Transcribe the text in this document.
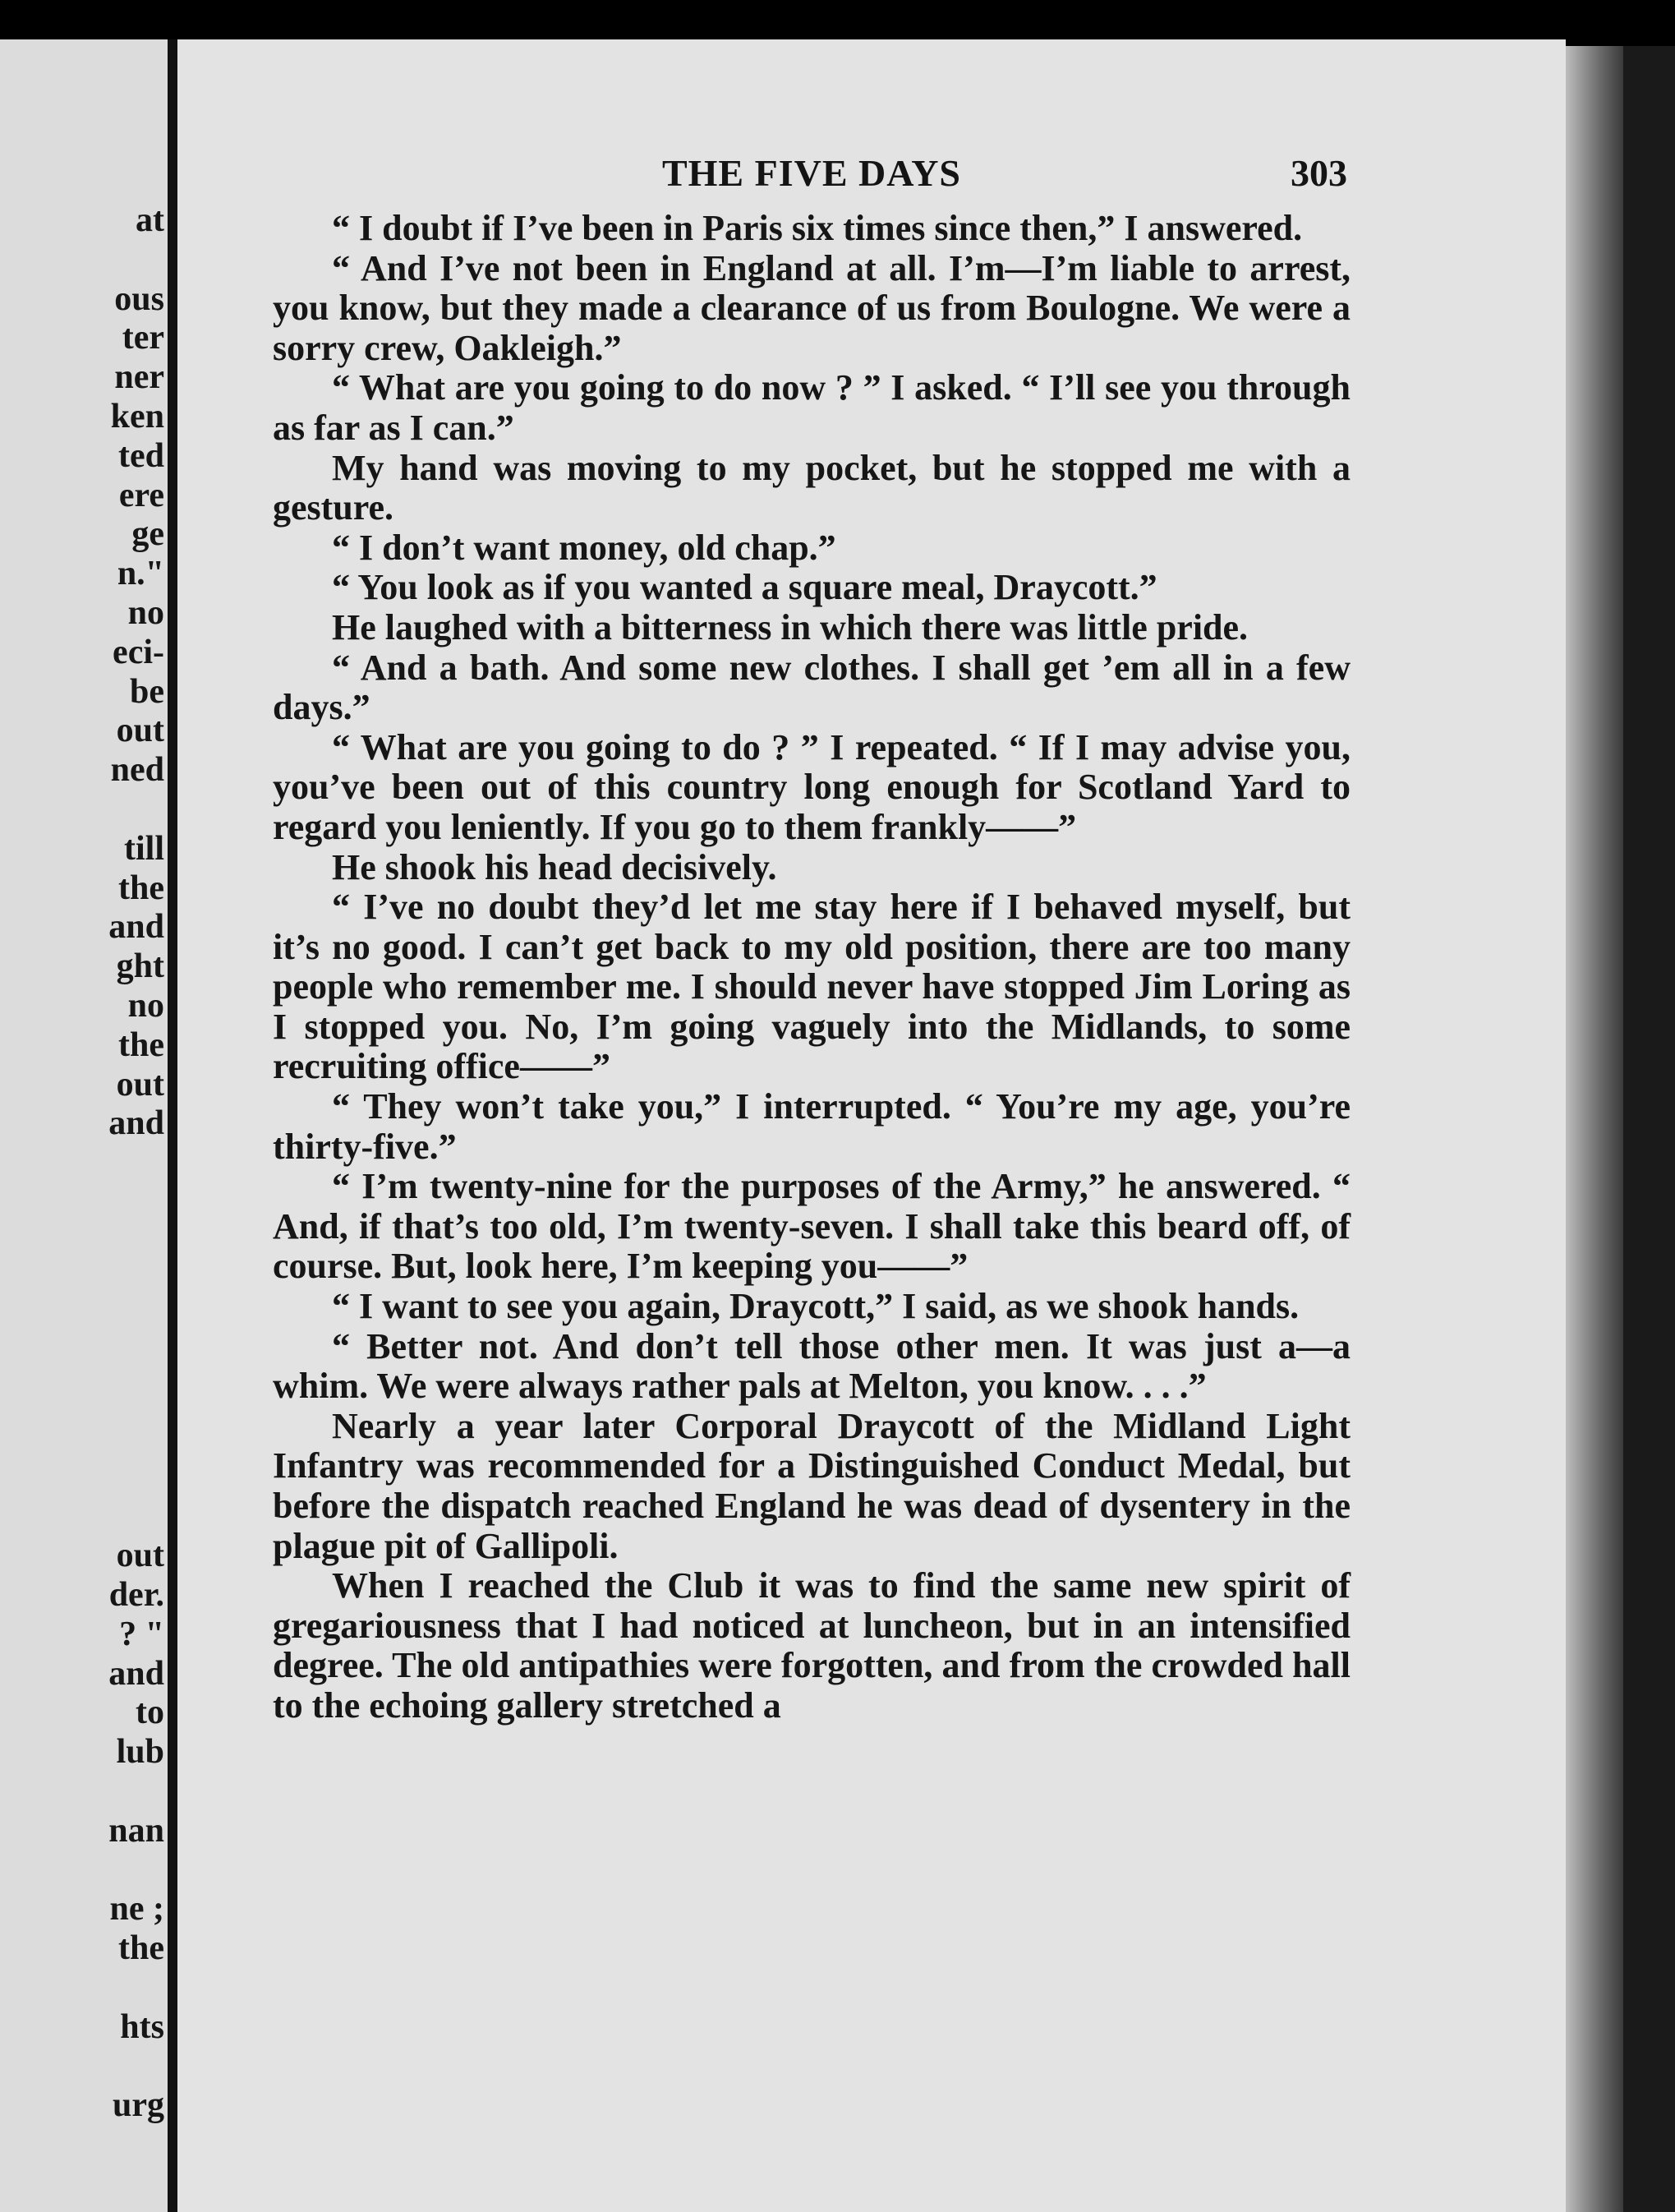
at
ous
ter
ner
ken
ted
ere
ge
n."
no
eci-
be
out
ned
till
the
and
ght
no
the
out
and
out
der.
? "
and
to
lub
nan
ne ;
the
hts
urg
THE FIVE DAYS	303

“ I doubt if I’ve been in Paris six times since then,” I answered.

“ And I’ve not been in England at all. I’m—I’m liable to arrest, you know, but they made a clearance of us from Boulogne. We were a sorry crew, Oakleigh.”

“ What are you going to do now ? ” I asked. “ I’ll see you through as far as I can.”

My hand was moving to my pocket, but he stopped me with a gesture.

“ I don’t want money, old chap.”

“ You look as if you wanted a square meal, Draycott.”

He laughed with a bitterness in which there was little pride.

“ And a bath. And some new clothes. I shall get ’em all in a few days.”

“ What are you going to do ? ” I repeated. “ If I may advise you, you’ve been out of this country long enough for Scotland Yard to regard you leniently. If you go to them frankly——”

He shook his head decisively.

“ I’ve no doubt they’d let me stay here if I behaved myself, but it’s no good. I can’t get back to my old position, there are too many people who remember me. I should never have stopped Jim Loring as I stopped you. No, I’m going vaguely into the Midlands, to some recruiting office——”

“ They won’t take you,” I interrupted. “ You’re my age, you’re thirty-five.”

“ I’m twenty-nine for the purposes of the Army,” he answered. “ And, if that’s too old, I’m twenty-seven. I shall take this beard off, of course. But, look here, I’m keeping you——”

“ I want to see you again, Draycott,” I said, as we shook hands.

“ Better not. And don’t tell those other men. It was just a—a whim. We were always rather pals at Melton, you know. . . .”

Nearly a year later Corporal Draycott of the Midland Light Infantry was recommended for a Distinguished Conduct Medal, but before the dispatch reached England he was dead of dysentery in the plague pit of Gallipoli.

When I reached the Club it was to find the same new spirit of gregariousness that I had noticed at luncheon, but in an intensified degree. The old antipathies were forgotten, and from the crowded hall to the echoing gallery stretched a
